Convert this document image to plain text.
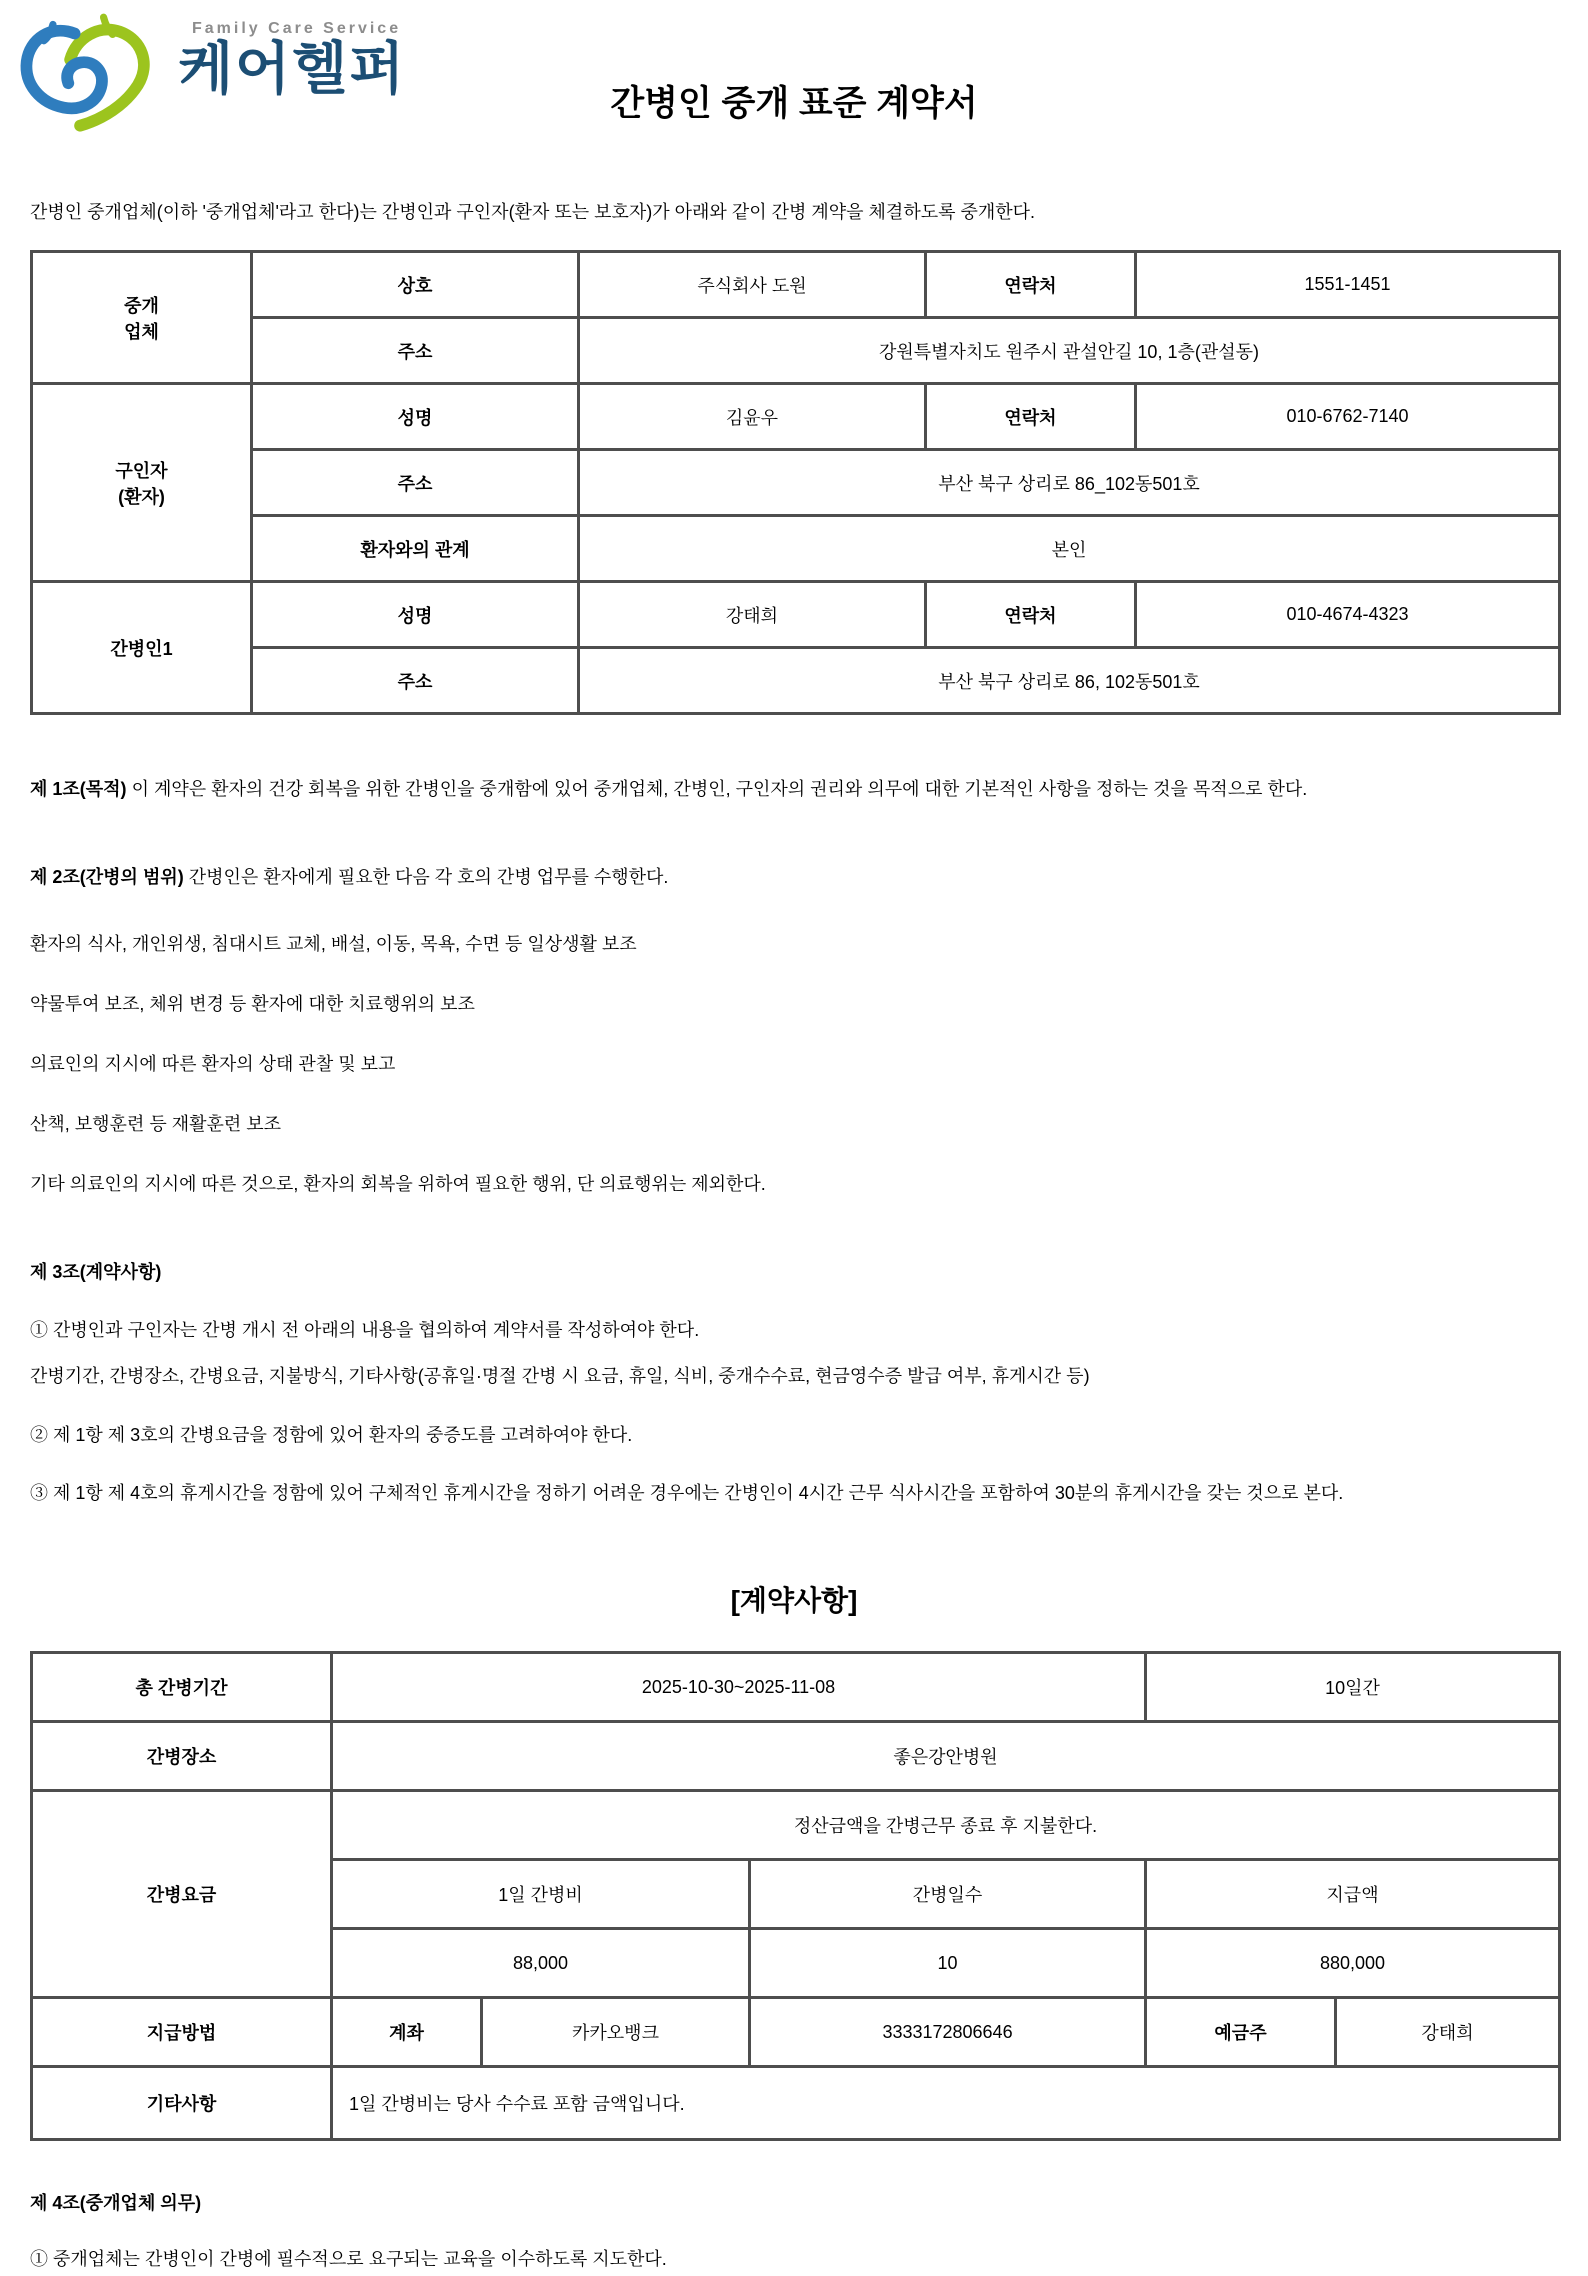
Family Care Service
케어헬퍼
간병인 중개 표준 계약서

간병인 중개업체(이하 '중개업체'라고 한다)는 간병인과 구인자(환자 또는 보호자)가 아래와 같이 간병 계약을 체결하도록 중개한다.

중개
업체	상호	주식회사 도원	연락처	1551-1451
	주소	강원특별자치도 원주시 관설안길 10, 1층(관설동)		
구인자
(환자)	성명	김윤우	연락처	010-6762-7140
	주소	부산 북구 상리로 86_102동501호		
	환자와의 관계	본인		
간병인1	성명	강태희	연락처	010-4674-4323
	주소	부산 북구 상리로 86, 102동501호		

제 1조(목적) 이 계약은 환자의 건강 회복을 위한 간병인을 중개함에 있어 중개업체, 간병인, 구인자의 권리와 의무에 대한 기본적인 사항을 정하는 것을 목적으로 한다.

제 2조(간병의 범위) 간병인은 환자에게 필요한 다음 각 호의 간병 업무를 수행한다.

환자의 식사, 개인위생, 침대시트 교체, 배설, 이동, 목욕, 수면 등 일상생활 보조

약물투여 보조, 체위 변경 등 환자에 대한 치료행위의 보조

의료인의 지시에 따른 환자의 상태 관찰 및 보고

산책, 보행훈련 등 재활훈련 보조

기타 의료인의 지시에 따른 것으로, 환자의 회복을 위하여 필요한 행위, 단 의료행위는 제외한다.

제 3조(계약사항)

① 간병인과 구인자는 간병 개시 전 아래의 내용을 협의하여 계약서를 작성하여야 한다.

간병기간, 간병장소, 간병요금, 지불방식, 기타사항(공휴일·명절 간병 시 요금, 휴일, 식비, 중개수수료, 현금영수증 발급 여부, 휴게시간 등)

② 제 1항 제 3호의 간병요금을 정함에 있어 환자의 중증도를 고려하여야 한다.

③ 제 1항 제 4호의 휴게시간을 정함에 있어 구체적인 휴게시간을 정하기 어려운 경우에는 간병인이 4시간 근무 식사시간을 포함하여 30분의 휴게시간을 갖는 것으로 본다.

[계약사항]
총 간병기간	2025-10-30~2025-11-08			10일간	
간병장소	좋은강안병원				
간병요금	정산금액을 간병근무 종료 후 지불한다.				
	1일 간병비		간병일수	지급액	
	88,000		10	880,000	
지급방법	계좌	카카오뱅크	3333172806646	예금주	강태희
기타사항	1일 간병비는 당사 수수료 포함 금액입니다.				

제 4조(중개업체 의무)

① 중개업체는 간병인이 간병에 필수적으로 요구되는 교육을 이수하도록 지도한다.
